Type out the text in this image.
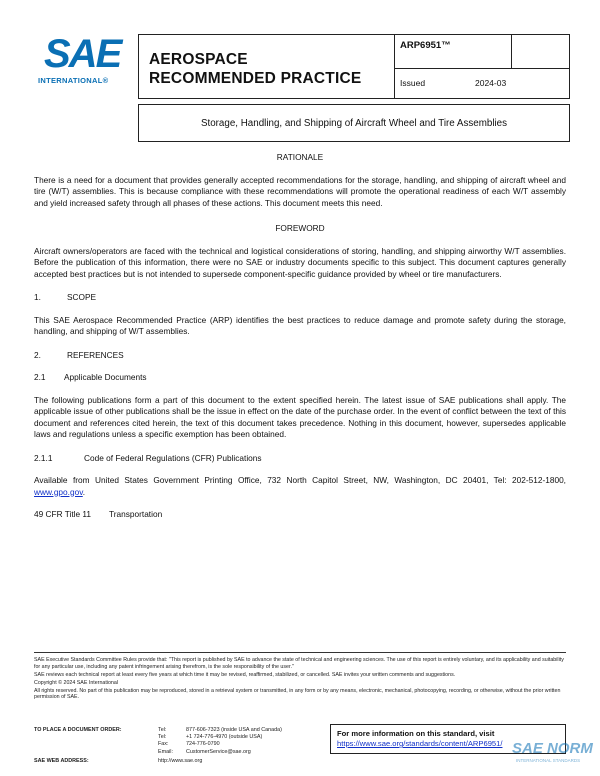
SAE
INTERNATIONAL®
AEROSPACE
RECOMMENDED PRACTICE
ARP6951™
Issued	2024-03
Storage, Handling, and Shipping of Aircraft Wheel and Tire Assemblies

RATIONALE

There is a need for a document that provides generally accepted recommendations for the storage, handling, and shipping of aircraft wheel and tire (W/T) assemblies. This is because compliance with these recommendations will promote the operational readiness of each W/T assembly and yield increased safety through all phases of these actions. This document meets this need.

FOREWORD

Aircraft owners/operators are faced with the technical and logistical considerations of storing, handling, and shipping airworthy W/T assemblies. Before the publication of this information, there were no SAE or industry documents specific to this subject. This document captures generally accepted best practices but is not intended to supersede component-specific guidance provided by wheel or tire manufacturers.

1.	SCOPE

This SAE Aerospace Recommended Practice (ARP) identifies the best practices to reduce damage and promote safety during the storage, handling, and shipping of W/T assemblies.

2.	REFERENCES
2.1	Applicable Documents

The following publications form a part of this document to the extent specified herein. The latest issue of SAE publications shall apply. The applicable issue of other publications shall be the issue in effect on the date of the purchase order. In the event of conflict between the text of this document and references cited herein, the text of this document takes precedence. Nothing in this document, however, supersedes applicable laws and regulations unless a specific exemption has been obtained.

2.1.1	Code of Federal Regulations (CFR) Publications

Available from United States Government Printing Office, 732 North Capitol Street, NW, Washington, DC 20401, Tel: 202-512-1800, www.gpo.gov.

49 CFR Title 11 Transportation

SAE Executive Standards Committee Rules provide that: "This report is published by SAE to advance the state of technical and engineering sciences. The use of this report is entirely voluntary, and its applicability and suitability for any particular use, including any patent infringement arising therefrom, is the sole responsibility of the user."

SAE reviews each technical report at least every five years at which time it may be revised, reaffirmed, stabilized, or cancelled. SAE invites your written comments and suggestions.

Copyright © 2024 SAE International

All rights reserved. No part of this publication may be reproduced, stored in a retrieval system or transmitted, in any form or by any means, electronic, mechanical, photocopying, recording, or otherwise, without the prior written permission of SAE.

TO PLACE A DOCUMENT ORDER:	Tel:	877-606-7323 (inside USA and Canada)
Tel:	+1 724-776-4970 (outside USA)
Fax:	724-776-0790
Email:	CustomerService@sae.org
SAE WEB ADDRESS:	http://www.sae.org
For more information on this standard, visit
https://www.sae.org/standards/content/ARP6951/ SAE NORM
INTERNATIONAL STANDARDS
